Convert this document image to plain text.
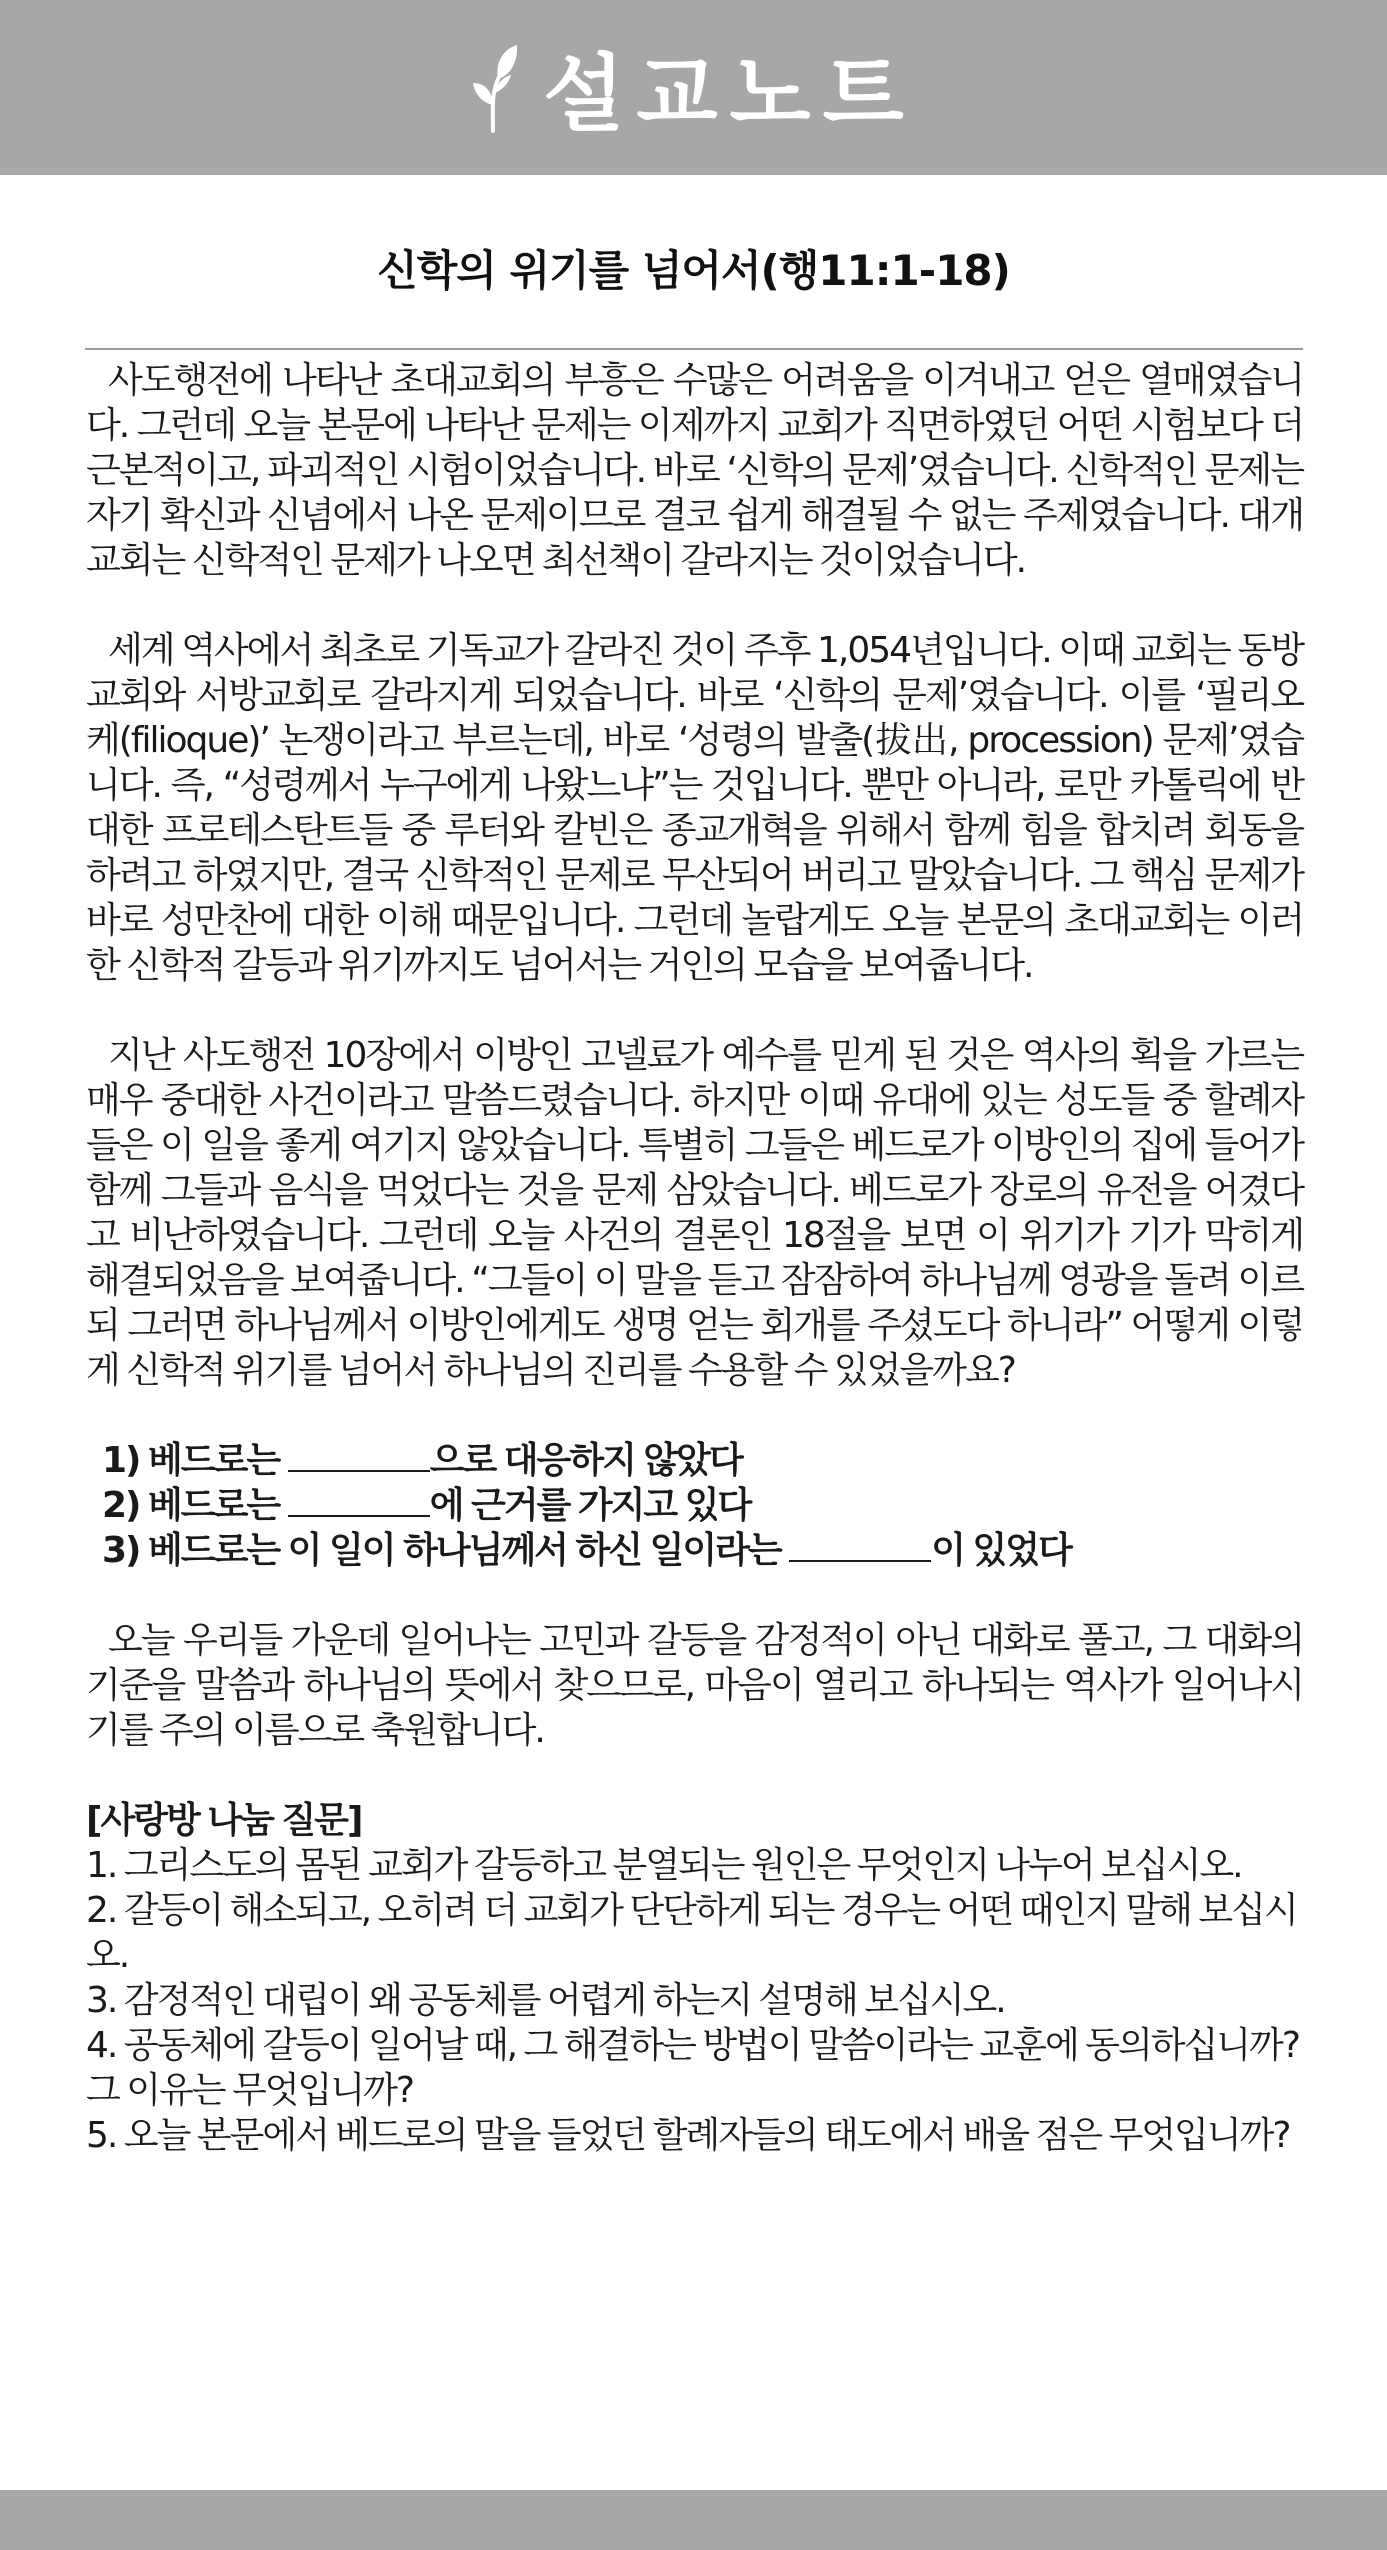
설교노트
신학의 위기를 넘어서(행11:1-18)

사도행전에 나타난 초대교회의 부흥은 수많은 어려움을 이겨내고 얻은 열매였습니다. 그런데 오늘 본문에 나타난 문제는 이제까지 교회가 직면하였던 어떤 시험보다 더 근본적이고, 파괴적인 시험이었습니다. 바로 ‘신학의 문제’였습니다. 신학적인 문제는 자기 확신과 신념에서 나온 문제이므로 결코 쉽게 해결될 수 없는 주제였습니다. 대개 교회는 신학적인 문제가 나오면 최선책이 갈라지는 것이었습니다.

세계 역사에서 최초로 기독교가 갈라진 것이 주후 1,054년입니다. 이때 교회는 동방교회와 서방교회로 갈라지게 되었습니다. 바로 ‘신학의 문제’였습니다. 이를 ‘필리오케(filioque)’ 논쟁이라고 부르는데, 바로 ‘성령의 발출(拔出, procession) 문제’였습니다. 즉, “성령께서 누구에게 나왔느냐”는 것입니다. 뿐만 아니라, 로만 카톨릭에 반대한 프로테스탄트들 중 루터와 칼빈은 종교개혁을 위해서 함께 힘을 합치려 회동을 하려고 하였지만, 결국 신학적인 문제로 무산되어 버리고 말았습니다. 그 핵심 문제가 바로 성만찬에 대한 이해 때문입니다. 그런데 놀랍게도 오늘 본문의 초대교회는 이러한 신학적 갈등과 위기까지도 넘어서는 거인의 모습을 보여줍니다.

지난 사도행전 10장에서 이방인 고넬료가 예수를 믿게 된 것은 역사의 획을 가르는 매우 중대한 사건이라고 말씀드렸습니다. 하지만 이때 유대에 있는 성도들 중 할례자들은 이 일을 좋게 여기지 않았습니다. 특별히 그들은 베드로가 이방인의 집에 들어가 함께 그들과 음식을 먹었다는 것을 문제 삼았습니다. 베드로가 장로의 유전을 어겼다고 비난하였습니다. 그런데 오늘 사건의 결론인 18절을 보면 이 위기가 기가 막히게 해결되었음을 보여줍니다. “그들이 이 말을 듣고 잠잠하여 하나님께 영광을 돌려 이르되 그러면 하나님께서 이방인에게도 생명 얻는 회개를 주셨도다 하니라” 어떻게 이렇게 신학적 위기를 넘어서 하나님의 진리를 수용할 수 있었을까요?

1) 베드로는	으로 대응하지 않았다
2) 베드로는	에 근거를 가지고 있다
3) 베드로는 이 일이 하나님께서 하신 일이라는	이 있었다

오늘 우리들 가운데 일어나는 고민과 갈등을 감정적이 아닌 대화로 풀고, 그 대화의 기준을 말씀과 하나님의 뜻에서 찾으므로, 마음이 열리고 하나되는 역사가 일어나시기를 주의 이름으로 축원합니다.

[사랑방 나눔 질문]

1. 그리스도의 몸된 교회가 갈등하고 분열되는 원인은 무엇인지 나누어 보십시오.

2. 갈등이 해소되고, 오히려 더 교회가 단단하게 되는 경우는 어떤 때인지 말해 보십시오.

3. 감정적인 대립이 왜 공동체를 어렵게 하는지 설명해 보십시오.

4. 공동체에 갈등이 일어날 때, 그 해결하는 방법이 말씀이라는 교훈에 동의하십니까? 그 이유는 무엇입니까?

5. 오늘 본문에서 베드로의 말을 들었던 할례자들의 태도에서 배울 점은 무엇입니까?
